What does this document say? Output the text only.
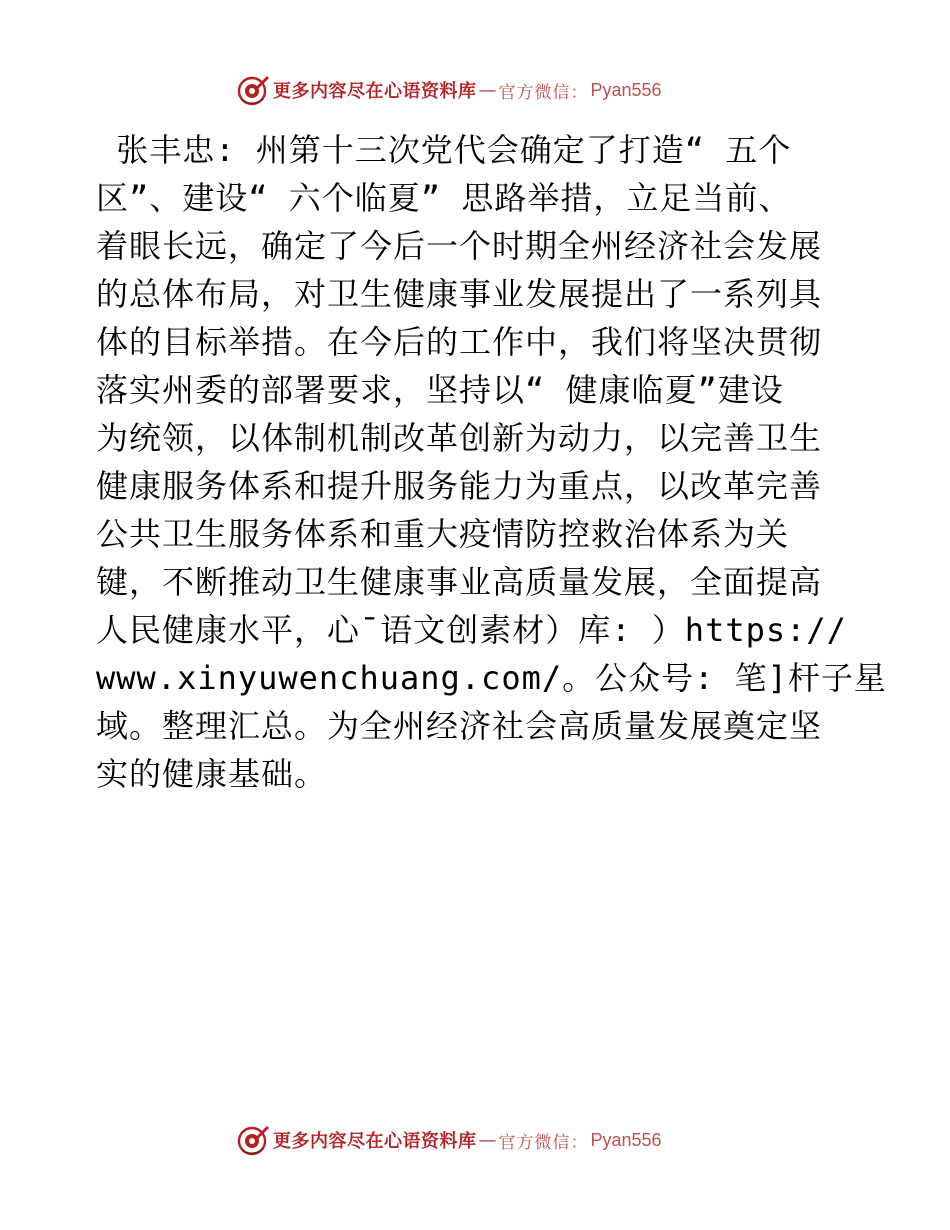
更多内容尽在心语资料库 — 官方微信： Pyan556
张丰忠: 州第十三次党代会确定了打造“ 五个
区”、建设“ 六个临夏” 思路举措，立足当前、
着眼长远，确定了今后一个时期全州经济社会发展
的总体布局，对卫生健康事业发展提出了一系列具
体的目标举措。在今后的工作中，我们将坚决贯彻
落实州委的部署要求，坚持以“ 健康临夏”建设
为统领，以体制机制改革创新为动力，以完善卫生
健康服务体系和提升服务能力为重点，以改革完善
公共卫生服务体系和重大疫情防控救治体系为关
键，不断推动卫生健康事业高质量发展，全面提高
人民健康水平，心¯语文创素材）库: ）https://
www.xinyuwenchuang.com/。公众号: 笔]杆子星
域。整理汇总。为全州经济社会高质量发展奠定坚
实的健康基础。
更多内容尽在心语资料库 — 官方微信： Pyan556
